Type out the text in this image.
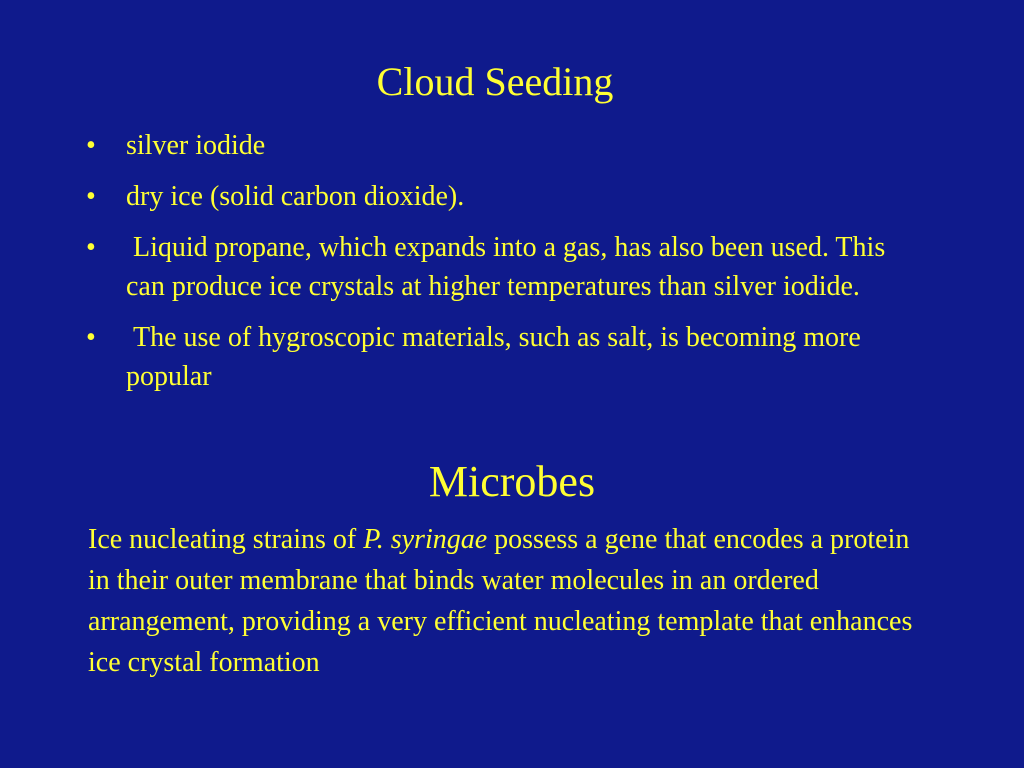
Cloud Seeding
• silver iodide
• dry ice (solid carbon dioxide).
• Liquid propane, which expands into a gas, has also been used. This can produce ice crystals at higher temperatures than silver iodide.
• The use of hygroscopic materials, such as salt, is becoming more popular
Microbes

Ice nucleating strains of P. syringae possess a gene that encodes a protein in their outer membrane that binds water molecules in an ordered arrangement, providing a very efficient nucleating template that enhances ice crystal formation
